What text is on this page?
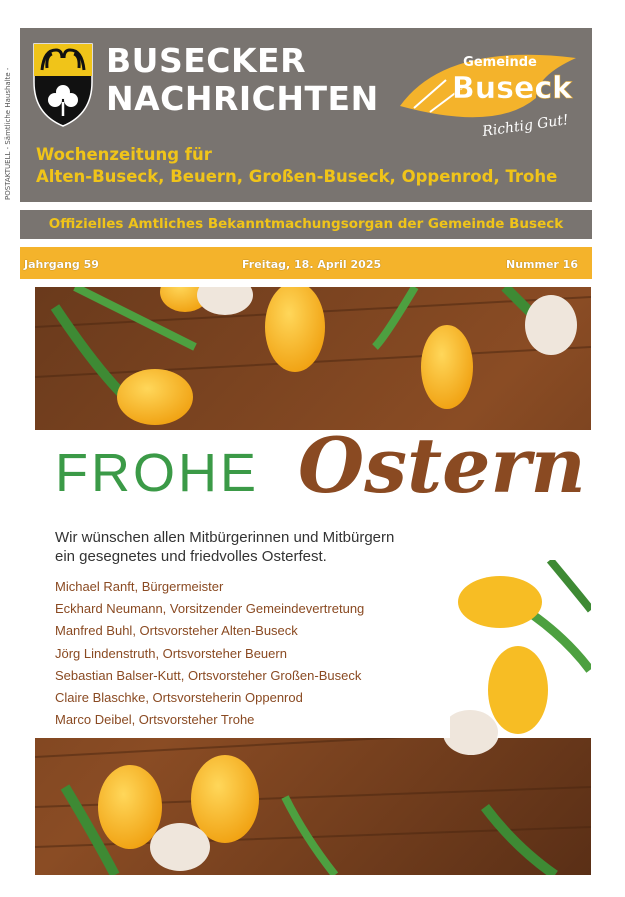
POSTAKTUELL - Sämtliche Haushalte -
BUSECKER
NACHRICHTEN
Gemeinde
Buseck
Richtig Gut!
Wochenzeitung für
Alten-Buseck, Beuern, Großen-Buseck, Oppenrod, Trohe
Offizielles Amtliches Bekanntmachungsorgan der Gemeinde Buseck
Jahrgang 59	Freitag, 18. April 2025	Nummer 16
FROHE Ostern
Wir wünschen allen Mitbürgerinnen und Mitbürgern
ein gesegnetes und friedvolles Osterfest.
Michael Ranft, Bürgermeister
Eckhard Neumann, Vorsitzender Gemeindevertretung
Manfred Buhl, Ortsvorsteher Alten-Buseck
Jörg Lindenstruth, Ortsvorsteher Beuern
Sebastian Balser-Kutt, Ortsvorsteher Großen-Buseck
Claire Blaschke, Ortsvorsteherin Oppenrod
Marco Deibel, Ortsvorsteher Trohe
